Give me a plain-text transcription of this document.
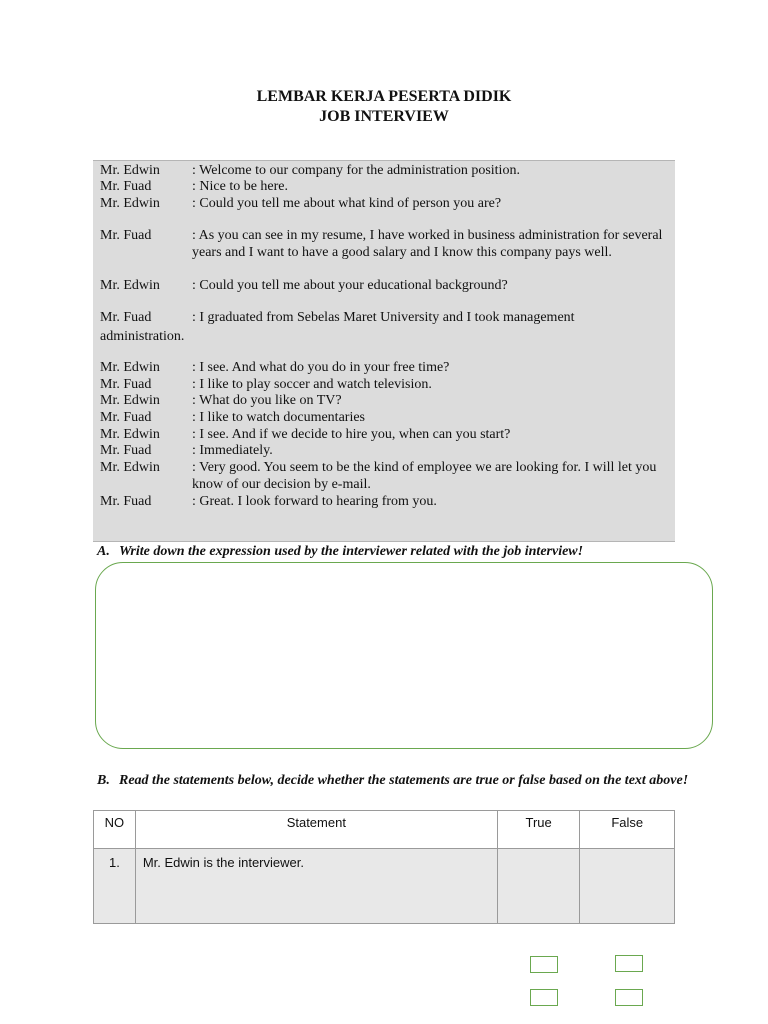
LEMBAR KERJA PESERTA DIDIK
JOB INTERVIEW
Mr. Edwin	: Welcome to our company for the administration position.
Mr. Fuad	: Nice to be here.
Mr. Edwin	: Could you tell me about what kind of person you are?
Mr. Fuad	: As you can see in my resume, I have worked in business administration for several years and I want to have a good salary and I know this company pays well.
Mr. Edwin	: Could you tell me about your educational background?
Mr. Fuad	: I graduated from Sebelas Maret University and I took management
administration.
Mr. Edwin	: I see. And what do you do in your free time?
Mr. Fuad	: I like to play soccer and watch television.
Mr. Edwin	: What do you like on TV?
Mr. Fuad	: I like to watch documentaries
Mr. Edwin	: I see. And if we decide to hire you, when can you start?
Mr. Fuad	: Immediately.
Mr. Edwin	: Very good. You seem to be the kind of employee we are looking for. I will let you know of our decision by e-mail.
Mr. Fuad	: Great. I look forward to hearing from you.
A. Write down the expression used by the interviewer related with the job interview!
B. Read the statements below, decide whether the statements are true or false based on the text above!
NO	Statement	True	False
1.	Mr. Edwin is the interviewer.		
